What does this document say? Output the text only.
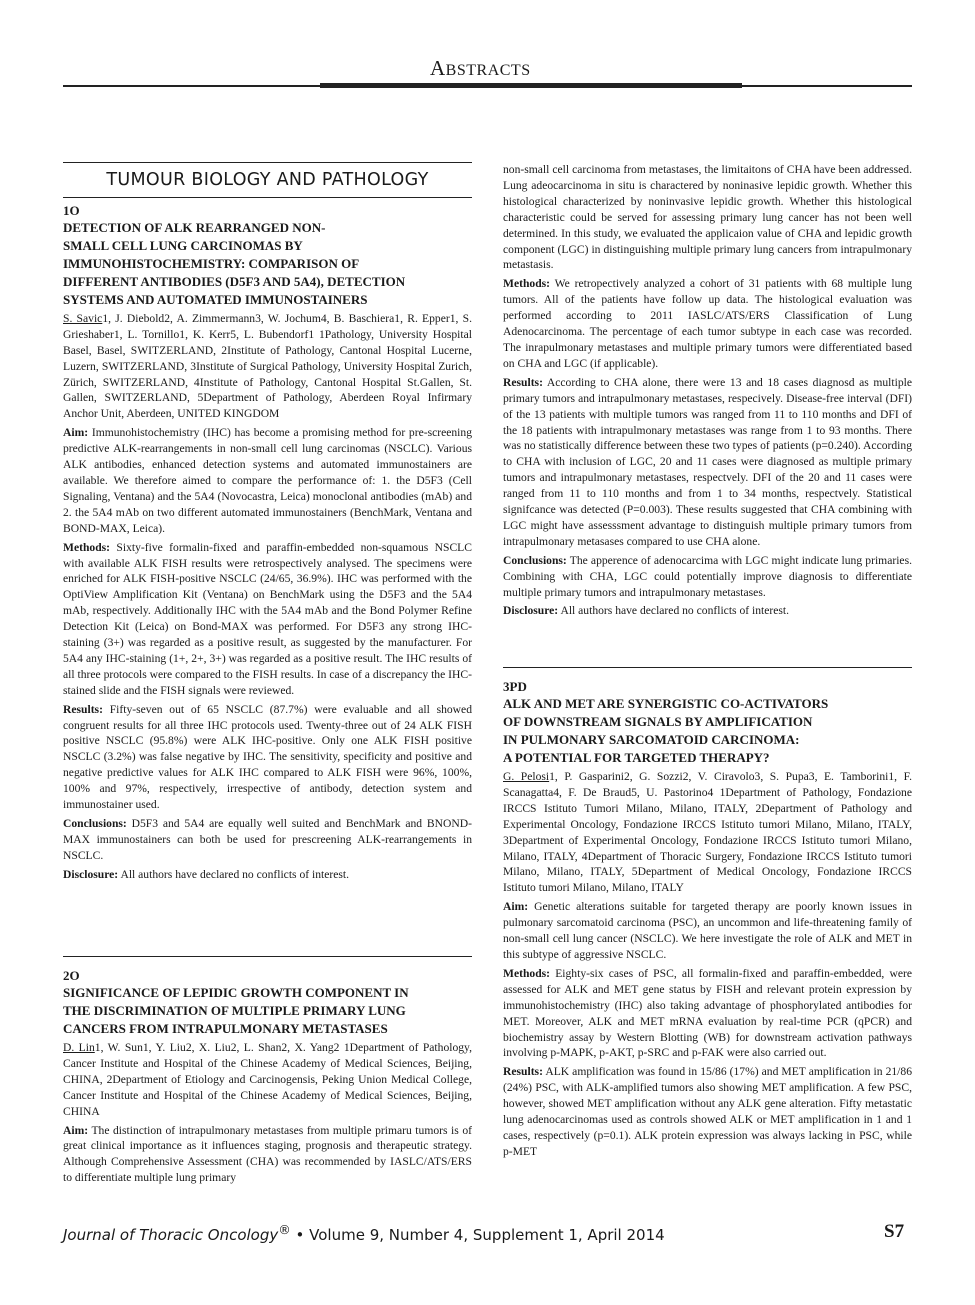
ABSTRACTS
TUMOUR BIOLOGY AND PATHOLOGY
1O
DETECTION OF ALK REARRANGED NON-
SMALL CELL LUNG CARCINOMAS BY
IMMUNOHISTOCHEMISTRY: COMPARISON OF
DIFFERENT ANTIBODIES (D5F3 AND 5A4), DETECTION
SYSTEMS AND AUTOMATED IMMUNOSTAINERS

S. Savic1, J. Diebold2, A. Zimmermann3, W. Jochum4, B. Baschiera1, R. Epper1, S. Grieshaber1, L. Tornillo1, K. Kerr5, L. Bubendorf1 1Pathology, University Hospital Basel, Basel, SWITZERLAND, 2Institute of Pathology, Cantonal Hospital Lucerne, Luzern, SWITZERLAND, 3Institute of Surgical Pathology, University Hospital Zurich, Zürich, SWITZERLAND, 4Institute of Pathology, Cantonal Hospital St.Gallen, St. Gallen, SWITZERLAND, 5Department of Pathology, Aberdeen Royal Infirmary Anchor Unit, Aberdeen, UNITED KINGDOM

Aim: Immunohistochemistry (IHC) has become a promising method for pre-screening predictive ALK-rearrangements in non-small cell lung carcinomas (NSCLC). Various ALK antibodies, enhanced detection systems and automated immunostainers are available. We therefore aimed to compare the performance of: 1. the D5F3 (Cell Signaling, Ventana) and the 5A4 (Novocastra, Leica) monoclonal antibodies (mAb) and 2. the 5A4 mAb on two different automated immunostainers (BenchMark, Ventana and BOND-MAX, Leica).

Methods: Sixty-five formalin-fixed and paraffin-embedded non-squamous NSCLC with available ALK FISH results were retrospectively analysed. The specimens were enriched for ALK FISH-positive NSCLC (24/65, 36.9%). IHC was performed with the OptiView Amplification Kit (Ventana) on BenchMark using the D5F3 and the 5A4 mAb, respectively. Additionally IHC with the 5A4 mAb and the Bond Polymer Refine Detection Kit (Leica) on Bond-MAX was performed. For D5F3 any strong IHC-staining (3+) was regarded as a positive result, as suggested by the manufacturer. For 5A4 any IHC-staining (1+, 2+, 3+) was regarded as a positive result. The IHC results of all three protocols were compared to the FISH results. In case of a discrepancy the IHC-stained slide and the FISH signals were reviewed.

Results: Fifty-seven out of 65 NSCLC (87.7%) were evaluable and all showed congruent results for all three IHC protocols used. Twenty-three out of 24 ALK FISH positive NSCLC (95.8%) were ALK IHC-positive. Only one ALK FISH positive NSCLC (3.2%) was false negative by IHC. The sensitivity, specificity and positive and negative predictive values for ALK IHC compared to ALK FISH were 96%, 100%, 100% and 97%, respectively, irrespective of antibody, detection system and immunostainer used.

Conclusions: D5F3 and 5A4 are equally well suited and BenchMark and BNOND-MAX immunostainers can both be used for prescreening ALK-rearrangements in NSCLC.

Disclosure: All authors have declared no conflicts of interest.

2O
SIGNIFICANCE OF LEPIDIC GROWTH COMPONENT IN
THE DISCRIMINATION OF MULTIPLE PRIMARY LUNG
CANCERS FROM INTRAPULMONARY METASTASES

D. Lin1, W. Sun1, Y. Liu2, X. Liu2, L. Shan2, X. Yang2 1Department of Pathology, Cancer Institute and Hospital of the Chinese Academy of Medical Sciences, Beijing, CHINA, 2Department of Etiology and Carcinogensis, Peking Union Medical College, Cancer Institute and Hospital of the Chinese Academy of Medical Sciences, Beijing, CHINA

Aim: The distinction of intrapulmonary metastases from multiple primaru tumors is of great clinical importance as it influences staging, prognosis and therapeutic strategy. Although Comprehensive Assessment (CHA) was recommended by IASLC/ATS/ERS to differentiate multiple lung primary

non-small cell carcinoma from metastases, the limitaitons of CHA have been addressed. Lung adeocarcinoma in situ is charactered by noninasive lepidic growth. Whether this histological characterized by noninvasive lepidic growth. Whether this histological characteristic could be served for assessing primary lung cancer has not been well determined. In this study, we evaluated the applicaion value of CHA and lepidic growth component (LGC) in distinguishing multiple primary lung cancers from intrapulmonary metastasis.

Methods: We retropectively analyzed a cohort of 31 patients with 68 multiple lung tumors. All of the patients have follow up data. The histological evaluation was performed according to 2011 IASLC/ATS/ERS Classification of Lung Adenocarcinoma. The percentage of each tumor subtype in each case was recorded. The inrapulmonary metastases and multiple primary tumors were differentiated based on CHA and LGC (if applicable).

Results: According to CHA alone, there were 13 and 18 cases diagnosd as multiple primary tumors and intrapulmonary metastases, respecively. Disease-free interval (DFI) of the 13 patients with multiple tumors was ranged from 11 to 110 months and DFI of the 18 patients with intrapulmonary metastases was range from 1 to 93 months. There was no statistically difference between these two types of patients (p=0.240). According to CHA with inclusion of LGC, 20 and 11 cases were diagnosed as multiple primary tumors and intrapulmonary metastases, respectvely. DFI of the 20 and 11 cases were ranged from 11 to 110 months and from 1 to 34 months, respectvely. Statistical signifcance was detected (P=0.003). These results suggested that CHA combining with LGC might have assesssment advantage to distinguish multiple primary tumors from intrapulmonary metasases compared to use CHA alone.

Conclusions: The apperence of adenocarcima with LGC might indicate lung primaries. Combining with CHA, LGC could potentially improve diagnosis to differentiate multiple primary tumors and intrapulmonary metastases.

Disclosure: All authors have declared no conflicts of interest.

3PD
ALK AND MET ARE SYNERGISTIC CO-ACTIVATORS
OF DOWNSTREAM SIGNALS BY AMPLIFICATION
IN PULMONARY SARCOMATOID CARCINOMA:
A POTENTIAL FOR TARGETED THERAPY?

G. Pelosi1, P. Gasparini2, G. Sozzi2, V. Ciravolo3, S. Pupa3, E. Tamborini1, F. Scanagatta4, F. De Braud5, U. Pastorino4 1Department of Pathology, Fondazione IRCCS Istituto Tumori Milano, Milano, ITALY, 2Department of Pathology and Experimental Oncology, Fondazione IRCCS Istituto tumori Milano, Milano, ITALY, 3Department of Experimental Oncology, Fondazione IRCCS Istituto tumori Milano, Milano, ITALY, 4Department of Thoracic Surgery, Fondazione IRCCS Istituto tumori Milano, Milano, ITALY, 5Department of Medical Oncology, Fondazione IRCCS Istituto tumori Milano, Milano, ITALY

Aim: Genetic alterations suitable for targeted therapy are poorly known issues in pulmonary sarcomatoid carcinoma (PSC), an uncommon and life-threatening family of non-small cell lung cancer (NSCLC). We here investigate the role of ALK and MET in this subtype of aggressive NSCLC.

Methods: Eighty-six cases of PSC, all formalin-fixed and paraffin-embedded, were assessed for ALK and MET gene status by FISH and relevant protein expression by immunohistochemistry (IHC) also taking advantage of phosphorylated antibodies for MET. Moreover, ALK and MET mRNA evaluation by real-time PCR (qPCR) and biochemistry assay by Western Blotting (WB) for downstream activation pathways involving p-MAPK, p-AKT, p-SRC and p-FAK were also carried out.

Results: ALK amplification was found in 15/86 (17%) and MET amplification in 21/86 (24%) PSC, with ALK-amplified tumors also showing MET amplification. A few PSC, however, showed MET amplification without any ALK gene alteration. Fifty metastatic lung adenocarcinomas used as controls showed ALK or MET amplification in 1 and 1 cases, respectively (p=0.1). ALK protein expression was always lacking in PSC, while p-MET

Journal of Thoracic Oncology® • Volume 9, Number 4, Supplement 1, April 2014	S7
